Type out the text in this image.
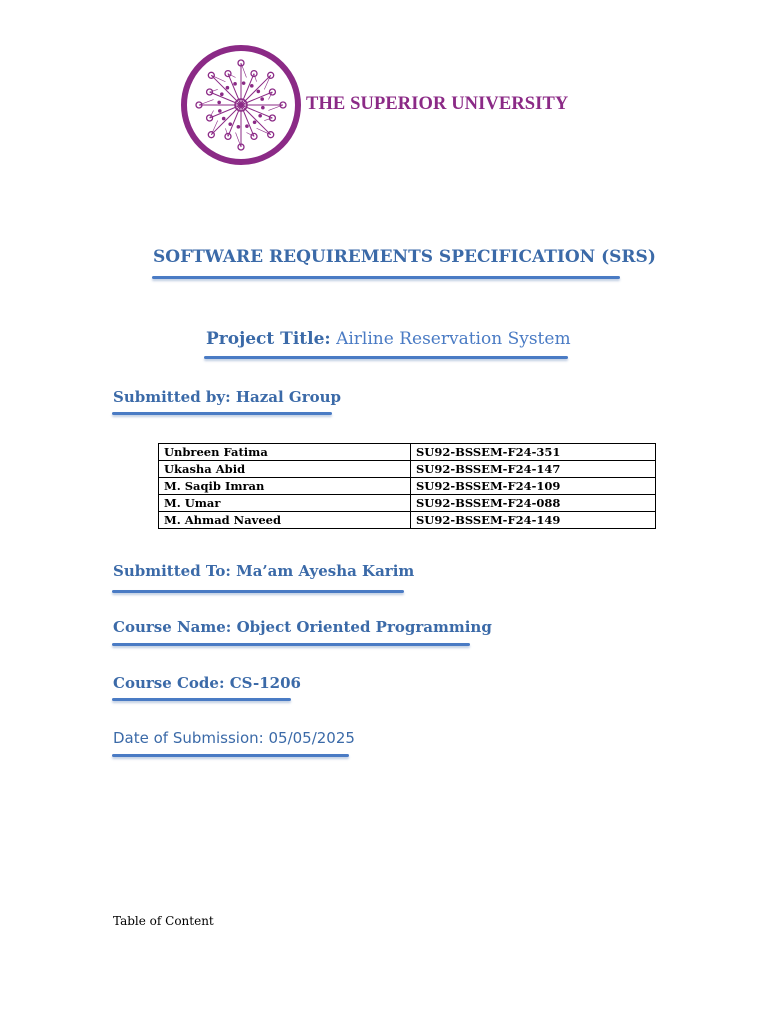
THE SUPERIOR UNIVERSITY
SOFTWARE REQUIREMENTS SPECIFICATION (SRS)
Project Title: Airline Reservation System
Submitted by: Hazal Group
Unbreen Fatima	SU92-BSSEM-F24-351
Ukasha Abid	SU92-BSSEM-F24-147
M. Saqib Imran	SU92-BSSEM-F24-109
M. Umar	SU92-BSSEM-F24-088
M. Ahmad Naveed	SU92-BSSEM-F24-149
Submitted To: Ma’am Ayesha Karim
Course Name: Object Oriented Programming
Course Code: CS-1206
Date of Submission: 05/05/2025
Table of Content
